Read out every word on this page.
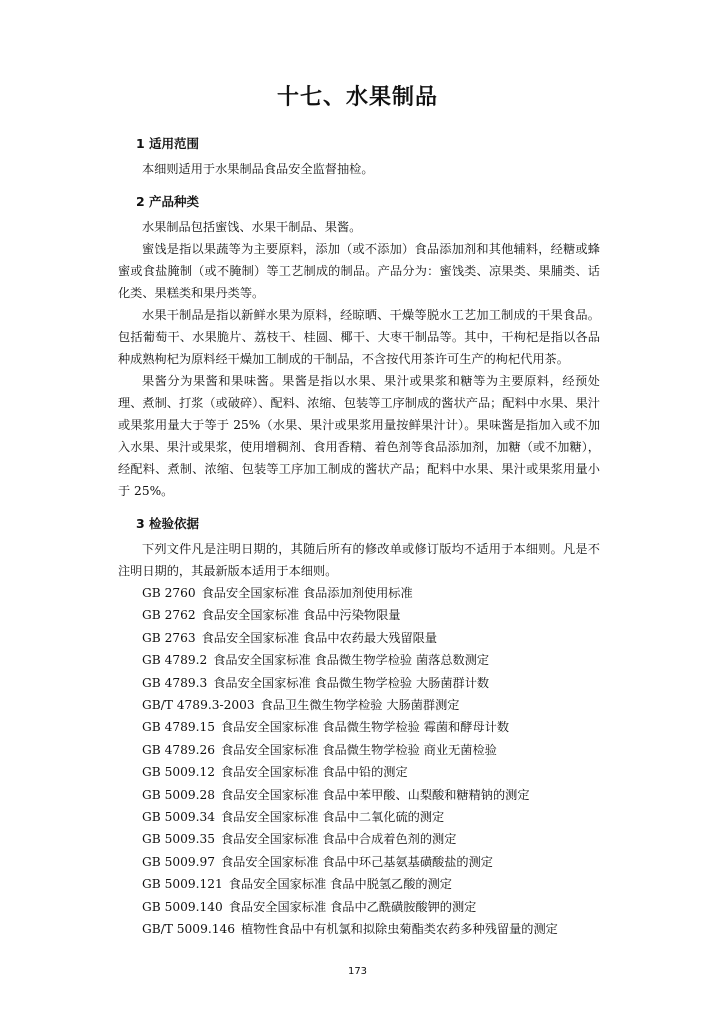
十七、水果制品
1 适用范围

本细则适用于水果制品食品安全监督抽检。

2 产品种类

水果制品包括蜜饯、水果干制品、果酱。

蜜饯是指以果蔬等为主要原料，添加（或不添加）食品添加剂和其他辅料，经糖或蜂蜜或食盐腌制（或不腌制）等工艺制成的制品。产品分为：蜜饯类、凉果类、果脯类、话化类、果糕类和果丹类等。

水果干制品是指以新鲜水果为原料，经晾晒、干燥等脱水工艺加工制成的干果食品。包括葡萄干、水果脆片、荔枝干、桂圆、椰干、大枣干制品等。其中，干枸杞是指以各品种成熟枸杞为原料经干燥加工制成的干制品，不含按代用茶许可生产的枸杞代用茶。

果酱分为果酱和果味酱。果酱是指以水果、果汁或果浆和糖等为主要原料，经预处理、煮制、打浆（或破碎）、配料、浓缩、包装等工序制成的酱状产品；配料中水果、果汁或果浆用量大于等于 25%（水果、果汁或果浆用量按鲜果汁计）。果味酱是指加入或不加入水果、果汁或果浆，使用增稠剂、食用香精、着色剂等食品添加剂，加糖（或不加糖），经配料、煮制、浓缩、包装等工序加工制成的酱状产品；配料中水果、果汁或果浆用量小于 25%。

3 检验依据

下列文件凡是注明日期的，其随后所有的修改单或修订版均不适用于本细则。凡是不注明日期的，其最新版本适用于本细则。

GB 2760 食品安全国家标准 食品添加剂使用标准

GB 2762 食品安全国家标准 食品中污染物限量

GB 2763 食品安全国家标准 食品中农药最大残留限量

GB 4789.2 食品安全国家标准 食品微生物学检验 菌落总数测定

GB 4789.3 食品安全国家标准 食品微生物学检验 大肠菌群计数

GB/T 4789.3-2003 食品卫生微生物学检验 大肠菌群测定

GB 4789.15 食品安全国家标准 食品微生物学检验 霉菌和酵母计数

GB 4789.26 食品安全国家标准 食品微生物学检验 商业无菌检验

GB 5009.12 食品安全国家标准 食品中铅的测定

GB 5009.28 食品安全国家标准 食品中苯甲酸、山梨酸和糖精钠的测定

GB 5009.34 食品安全国家标准 食品中二氧化硫的测定

GB 5009.35 食品安全国家标准 食品中合成着色剂的测定

GB 5009.97 食品安全国家标准 食品中环己基氨基磺酸盐的测定

GB 5009.121 食品安全国家标准 食品中脱氢乙酸的测定

GB 5009.140 食品安全国家标准 食品中乙酰磺胺酸钾的测定

GB/T 5009.146 植物性食品中有机氯和拟除虫菊酯类农药多种残留量的测定

173
